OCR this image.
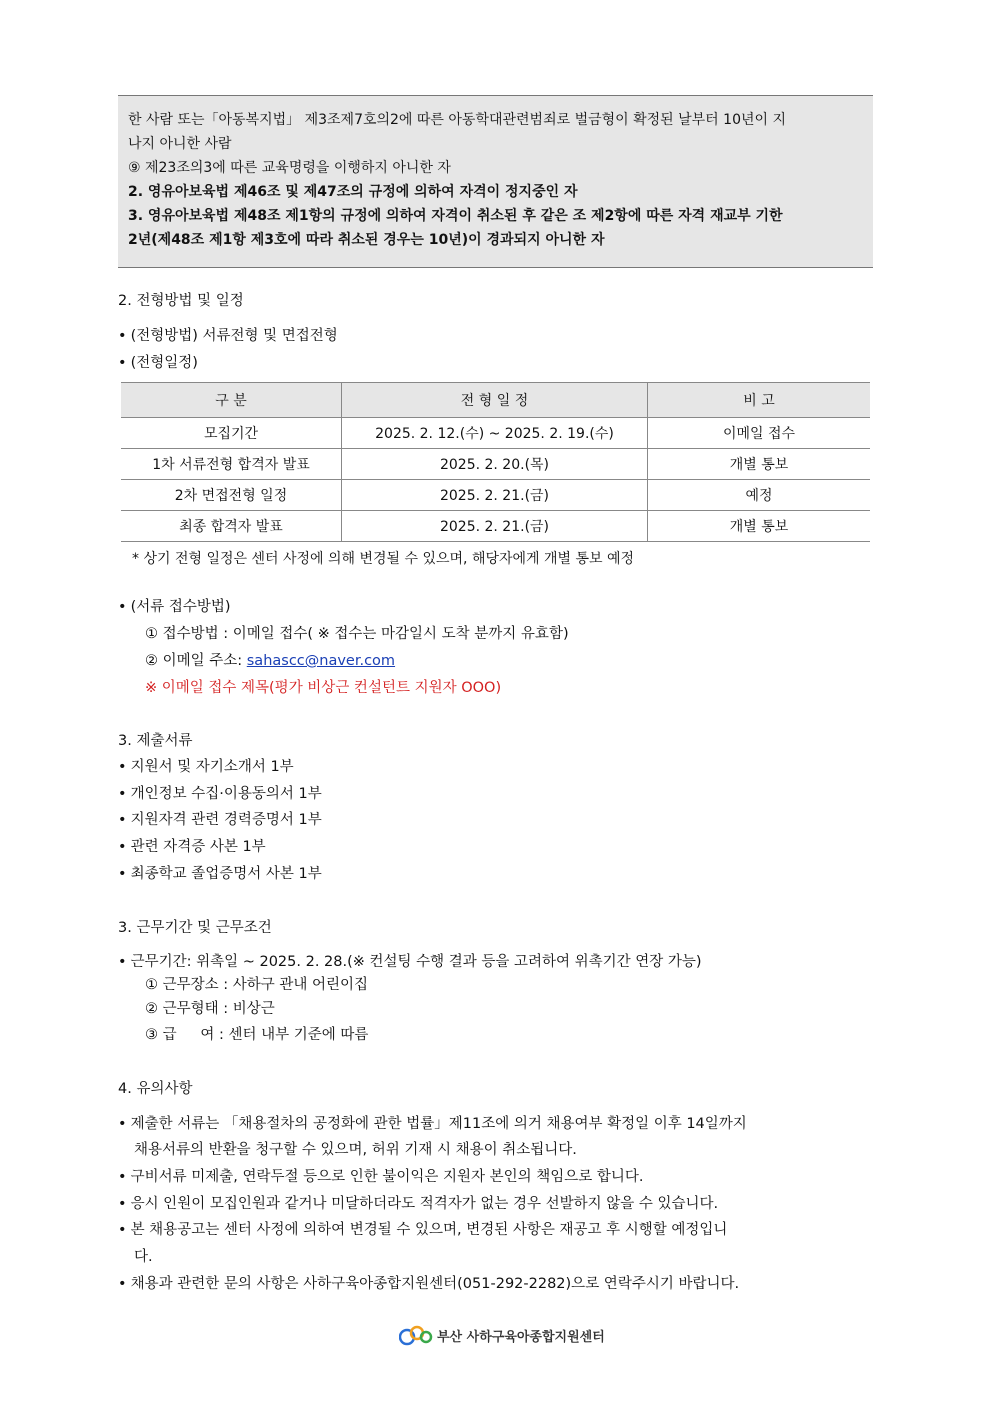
한 사람 또는「아동복지법」 제3조제7호의2에 따른 아동학대관련범죄로 벌금형이 확정된 날부터 10년이 지
나지 아니한 사람
⑨ 제23조의3에 따른 교육명령을 이행하지 아니한 자
2. 영유아보육법 제46조 및 제47조의 규정에 의하여 자격이 정지중인 자
3. 영유아보육법 제48조 제1항의 규정에 의하여 자격이 취소된 후 같은 조 제2항에 따른 자격 재교부 기한
2년(제48조 제1항 제3호에 따라 취소된 경우는 10년)이 경과되지 아니한 자
2. 전형방법 및 일정
• (전형방법) 서류전형 및 면접전형
• (전형일정)
구 분	전 형 일 정	비 고
모집기간	2025. 2. 12.(수) ~ 2025. 2. 19.(수)	이메일 접수
1차 서류전형 합격자 발표	2025. 2. 20.(목)	개별 통보
2차 면접전형 일정	2025. 2. 21.(금)	예정
최종 합격자 발표	2025. 2. 21.(금)	개별 통보
* 상기 전형 일정은 센터 사정에 의해 변경될 수 있으며, 해당자에게 개별 통보 예정
• (서류 접수방법)
① 접수방법 : 이메일 접수( ※ 접수는 마감일시 도착 분까지 유효함)
② 이메일 주소: sahascc@naver.com
※ 이메일 접수 제목(평가 비상근 컨설턴트 지원자 OOO)
3. 제출서류
• 지원서 및 자기소개서 1부
• 개인정보 수집·이용동의서 1부
• 지원자격 관련 경력증명서 1부
• 관련 자격증 사본 1부
• 최종학교 졸업증명서 사본 1부
3. 근무기간 및 근무조건
• 근무기간: 위촉일 ~ 2025. 2. 28.(※ 컨설팅 수행 결과 등을 고려하여 위촉기간 연장 가능)
① 근무장소 : 사하구 관내 어린이집
② 근무형태 : 비상근
③ 급 　 여 : 센터 내부 기준에 따름
4. 유의사항
• 제출한 서류는 「채용절차의 공정화에 관한 법률」제11조에 의거 채용여부 확정일 이후 14일까지
채용서류의 반환을 청구할 수 있으며, 허위 기재 시 채용이 취소됩니다.
• 구비서류 미제출, 연락두절 등으로 인한 불이익은 지원자 본인의 책임으로 합니다.
• 응시 인원이 모집인원과 같거나 미달하더라도 적격자가 없는 경우 선발하지 않을 수 있습니다.
• 본 채용공고는 센터 사정에 의하여 변경될 수 있으며, 변경된 사항은 재공고 후 시행할 예정입니
다.
• 채용과 관련한 문의 사항은 사하구육아종합지원센터(051-292-2282)으로 연락주시기 바랍니다.
부산 사하구육아종합지원센터
